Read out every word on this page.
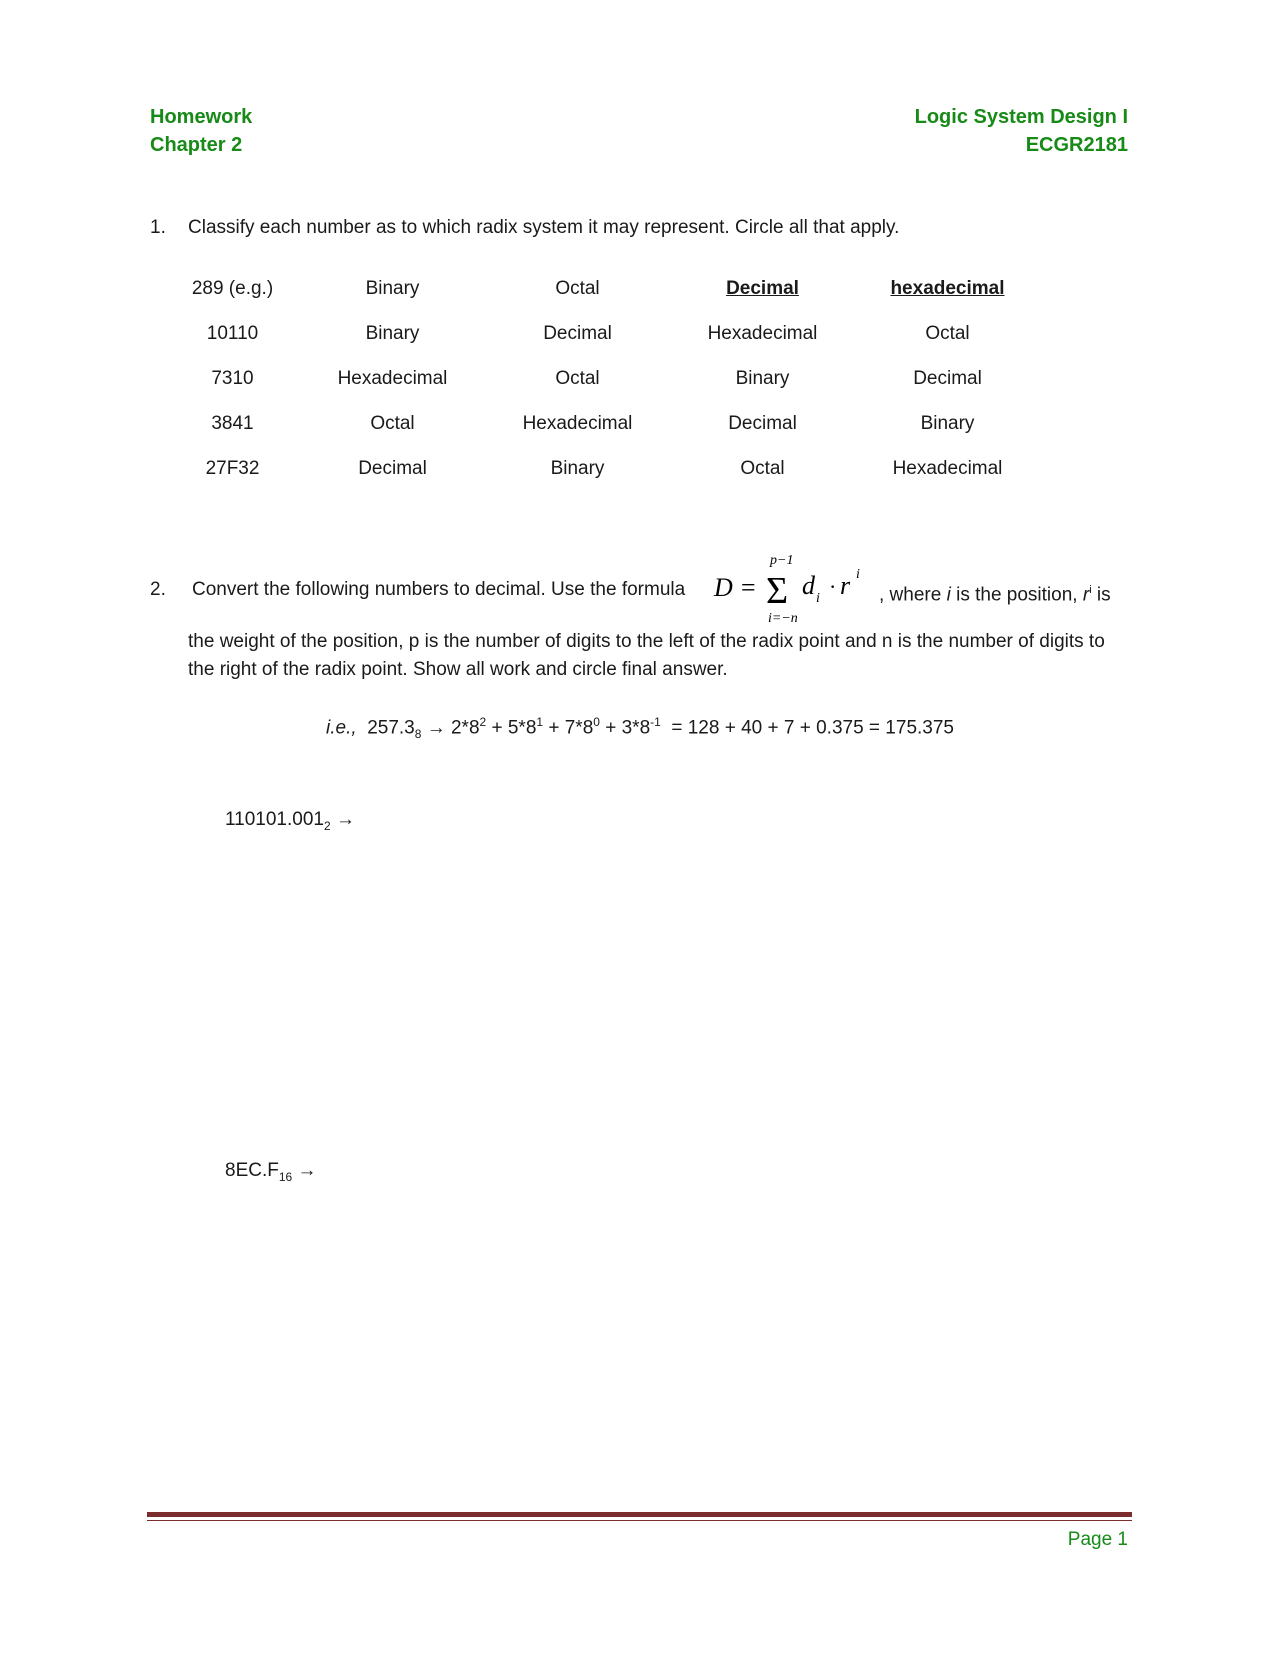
Homework
Chapter 2
Logic System Design I
ECGR2181
1. Classify each number as to which radix system it may represent. Circle all that apply.
289 (e.g.)	Binary	Octal	Decimal	hexadecimal
10110	Binary	Decimal	Hexadecimal	Octal
7310	Hexadecimal	Octal	Binary	Decimal
3841	Octal	Hexadecimal	Decimal	Binary
27F32	Decimal	Binary	Octal	Hexadecimal
2. Convert the following numbers to decimal. Use the formula D =
p−1
Σ
i=−n
d i · r i
, where i is the position, $r^i$ is
the weight of the position, p is the number of digits to the left of the radix point and n is the number of digits to the right of the radix point. Show all work and circle final answer.
i.e., $257.3_8 \to 2*8^2 + 5*8^1 + 7*8^0 + 3*8^{-1} = 128 + 40 + 7 + 0.375 = 175.375$
$110101.001_2$ →
$8EC.F_{16}$ →
Page 1
